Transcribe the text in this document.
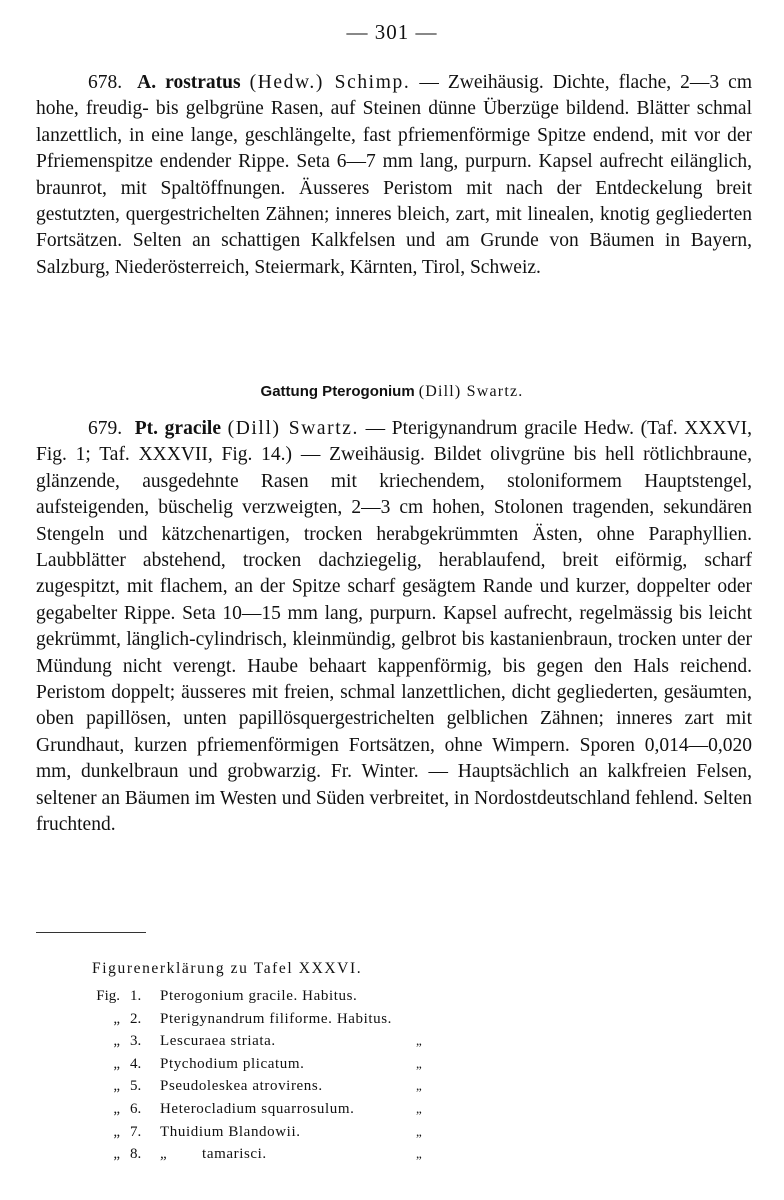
— 301 —
678. A. rostratus (Hedw.) Schimp. — Zweihäusig. Dichte, flache, 2—3 cm hohe, freudig- bis gelbgrüne Rasen, auf Steinen dünne Überzüge bildend. Blätter schmal lanzettlich, in eine lange, geschlängelte, fast pfriemenförmige Spitze endend, mit vor der Pfriemenspitze endender Rippe. Seta 6—7 mm lang, purpurn. Kapsel aufrecht eilänglich, braunrot, mit Spaltöffnungen. Äusseres Peristom mit nach der Entdeckelung breit gestutzten, quergestrichelten Zähnen; inneres bleich, zart, mit linealen, knotig gegliederten Fortsätzen. Selten an schattigen Kalkfelsen und am Grunde von Bäumen in Bayern, Salzburg, Niederösterreich, Steiermark, Kärnten, Tirol, Schweiz.
Gattung Pterogonium (Dill) Swartz.
679. Pt. gracile (Dill) Swartz. — Pterigynandrum gracile Hedw. (Taf. XXXVI, Fig. 1; Taf. XXXVII, Fig. 14.) — Zweihäusig. Bildet olivgrüne bis hell rötlichbraune, glänzende, ausgedehnte Rasen mit kriechendem, stoloniformem Hauptstengel, aufsteigenden, büschelig verzweigten, 2—3 cm hohen, Stolonen tragenden, sekundären Stengeln und kätzchenartigen, trocken herabgekrümmten Ästen, ohne Paraphyllien. Laubblätter abstehend, trocken dachziegelig, herablaufend, breit eiförmig, scharf zugespitzt, mit flachem, an der Spitze scharf gesägtem Rande und kurzer, doppelter oder gegabelter Rippe. Seta 10—15 mm lang, purpurn. Kapsel aufrecht, regelmässig bis leicht gekrümmt, länglich-cylindrisch, kleinmündig, gelbrot bis kastanienbraun, trocken unter der Mündung nicht verengt. Haube behaart kappenförmig, bis gegen den Hals reichend. Peristom doppelt; äusseres mit freien, schmal lanzettlichen, dicht gegliederten, gesäumten, oben papillösen, unten papillösquergestrichelten gelblichen Zähnen; inneres zart mit Grundhaut, kurzen pfriemenförmigen Fortsätzen, ohne Wimpern. Sporen 0,014—0,020 mm, dunkelbraun und grobwarzig. Fr. Winter. — Hauptsächlich an kalkfreien Felsen, seltener an Bäumen im Westen und Süden verbreitet, in Nordostdeutschland fehlend. Selten fruchtend.
Figurenerklärung zu Tafel XXXVI.
Fig. 1. Pterogonium gracile. Habitus.
„ 2. Pterigynandrum filiforme. Habitus.
„ 3. Lescuraea striata.	„
„ 4. Ptychodium plicatum.	„
„ 5. Pseudoleskea atrovirens.	„
„ 6. Heterocladium squarrosulum.	„
„ 7. Thuidium Blandowii.	„
„ 8. „        tamarisci.	„
